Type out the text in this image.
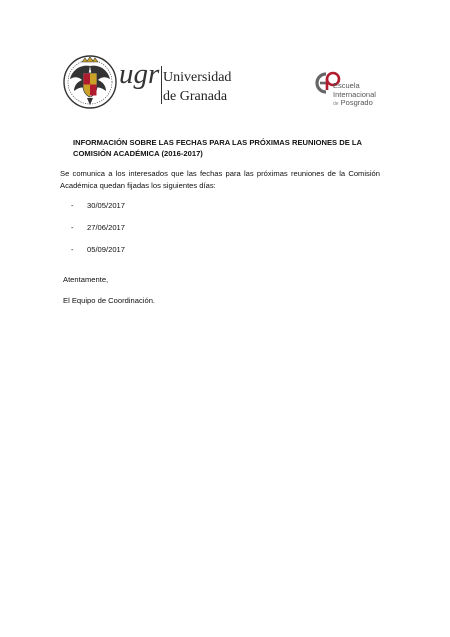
ugr Universidad
de Granada
Escuela
Internacional
de Posgrado
INFORMACIÓN SOBRE LAS FECHAS PARA LAS PRÓXIMAS REUNIONES DE LA COMISIÓN ACADÉMICA (2016-2017)
Se comunica a los interesados que las fechas para las próximas reuniones de la Comisión Académica quedan fijadas los siguientes días:
- 30/05/2017
- 27/06/2017
- 05/09/2017
Atentamente,
El Equipo de Coordinación.
